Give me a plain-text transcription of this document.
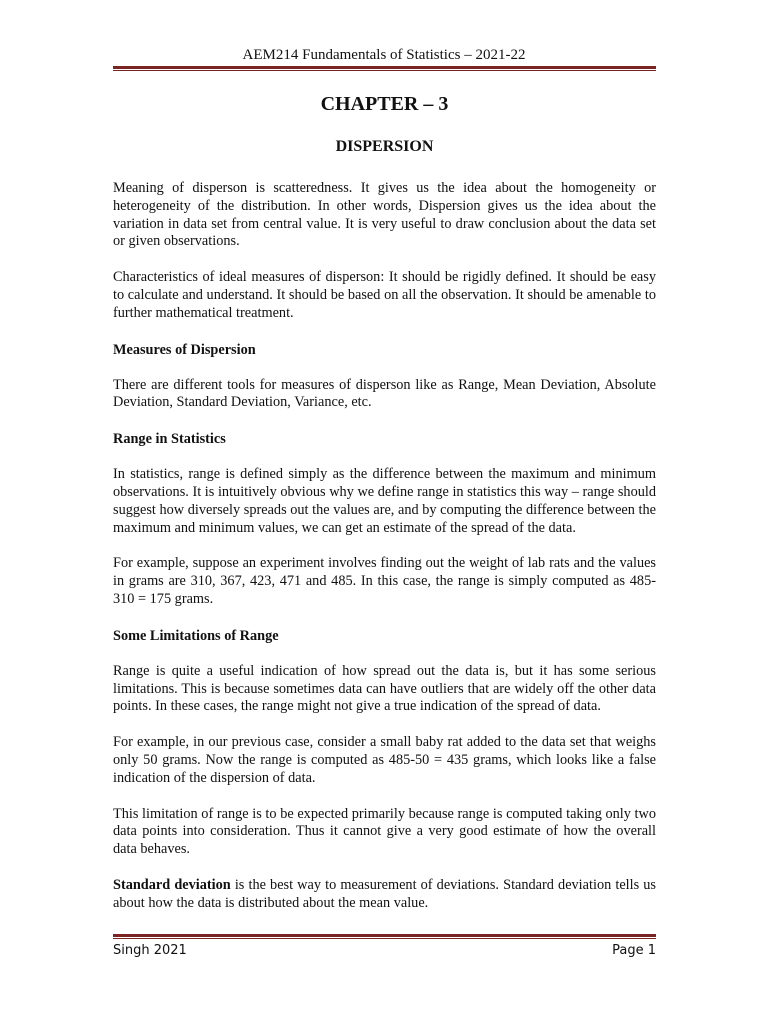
AEM214 Fundamentals of Statistics – 2021-22
CHAPTER – 3
DISPERSION

Meaning of disperson is scatteredness. It gives us the idea about the homogeneity or heterogeneity of the distribution. In other words, Dispersion gives us the idea about the variation in data set from central value. It is very useful to draw conclusion about the data set or given observations.

Characteristics of ideal measures of disperson: It should be rigidly defined. It should be easy to calculate and understand. It should be based on all the observation. It should be amenable to further mathematical treatment.

Measures of Dispersion

There are different tools for measures of disperson like as Range, Mean Deviation, Absolute Deviation, Standard Deviation, Variance, etc.

Range in Statistics

In statistics, range is defined simply as the difference between the maximum and minimum observations. It is intuitively obvious why we define range in statistics this way – range should suggest how diversely spreads out the values are, and by computing the difference between the maximum and minimum values, we can get an estimate of the spread of the data.

For example, suppose an experiment involves finding out the weight of lab rats and the values in grams are 310, 367, 423, 471 and 485. In this case, the range is simply computed as 485-310 = 175 grams.

Some Limitations of Range

Range is quite a useful indication of how spread out the data is, but it has some serious limitations. This is because sometimes data can have outliers that are widely off the other data points. In these cases, the range might not give a true indication of the spread of data.

For example, in our previous case, consider a small baby rat added to the data set that weighs only 50 grams. Now the range is computed as 485-50 = 435 grams, which looks like a false indication of the dispersion of data.

This limitation of range is to be expected primarily because range is computed taking only two data points into consideration. Thus it cannot give a very good estimate of how the overall data behaves.

Standard deviation is the best way to measurement of deviations. Standard deviation tells us about how the data is distributed about the mean value.

Singh 2021	Page 1
